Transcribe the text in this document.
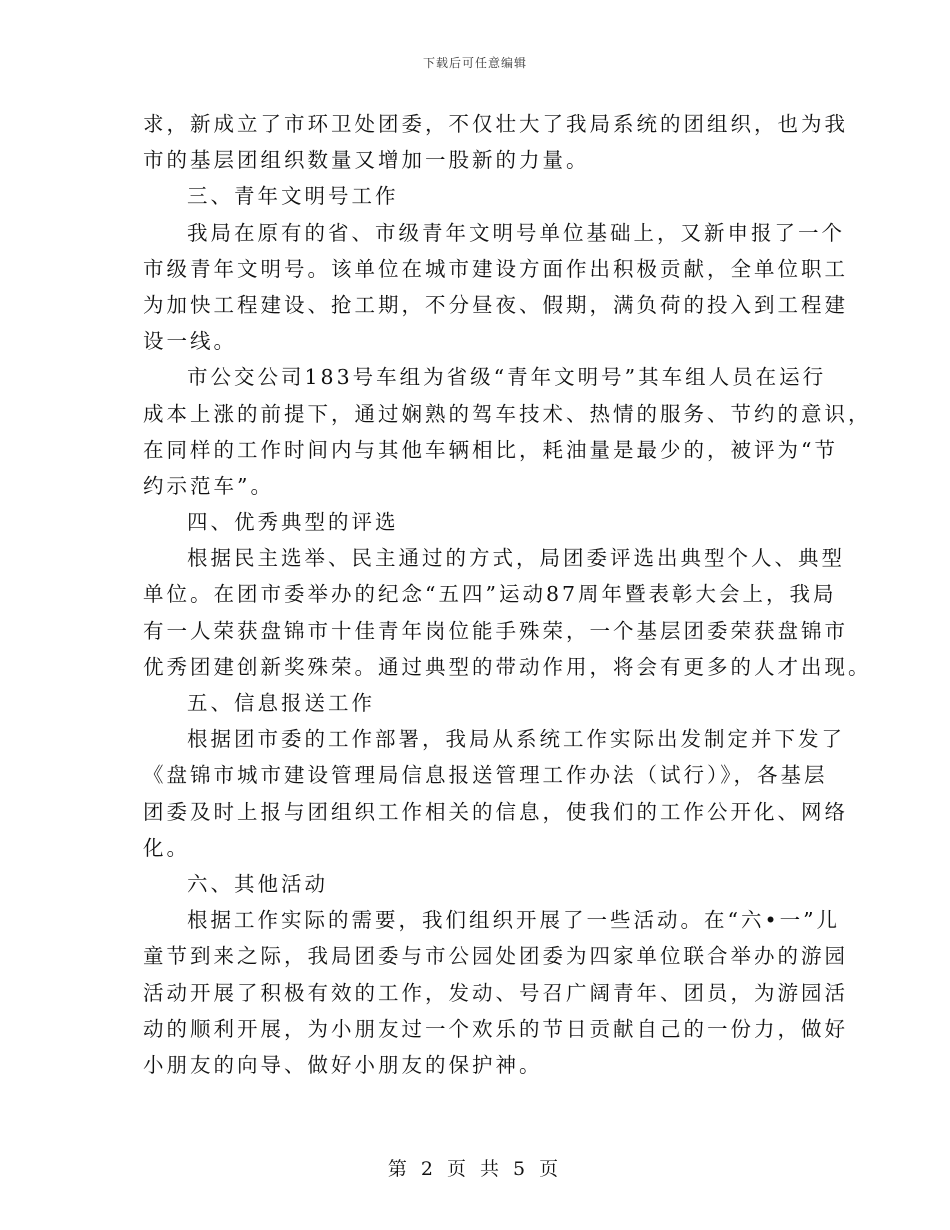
下载后可任意编辑
求，新成立了市环卫处团委，不仅壮大了我局系统的团组织，也为我
市的基层团组织数量又增加一股新的力量。
三、青年文明号工作
我局在原有的省、市级青年文明号单位基础上，又新申报了一个
市级青年文明号。该单位在城市建设方面作出积极贡献，全单位职工
为加快工程建设、抢工期，不分昼夜、假期，满负荷的投入到工程建
设一线。
市公交公司183号车组为省级“青年文明号”其车组人员在运行
成本上涨的前提下，通过娴熟的驾车技术、热情的服务、节约的意识，
在同样的工作时间内与其他车辆相比，耗油量是最少的，被评为“节
约示范车”。
四、优秀典型的评选
根据民主选举、民主通过的方式，局团委评选出典型个人、典型
单位。在团市委举办的纪念“五四”运动87周年暨表彰大会上，我局
有一人荣获盘锦市十佳青年岗位能手殊荣，一个基层团委荣获盘锦市
优秀团建创新奖殊荣。通过典型的带动作用，将会有更多的人才出现。
五、信息报送工作
根据团市委的工作部署，我局从系统工作实际出发制定并下发了
《盘锦市城市建设管理局信息报送管理工作办法（试行）》，各基层
团委及时上报与团组织工作相关的信息，使我们的工作公开化、网络
化。
六、其他活动
根据工作实际的需要，我们组织开展了一些活动。在“六•一”儿
童节到来之际，我局团委与市公园处团委为四家单位联合举办的游园
活动开展了积极有效的工作，发动、号召广阔青年、团员，为游园活
动的顺利开展，为小朋友过一个欢乐的节日贡献自己的一份力，做好
小朋友的向导、做好小朋友的保护神。
第 2 页 共 5 页
